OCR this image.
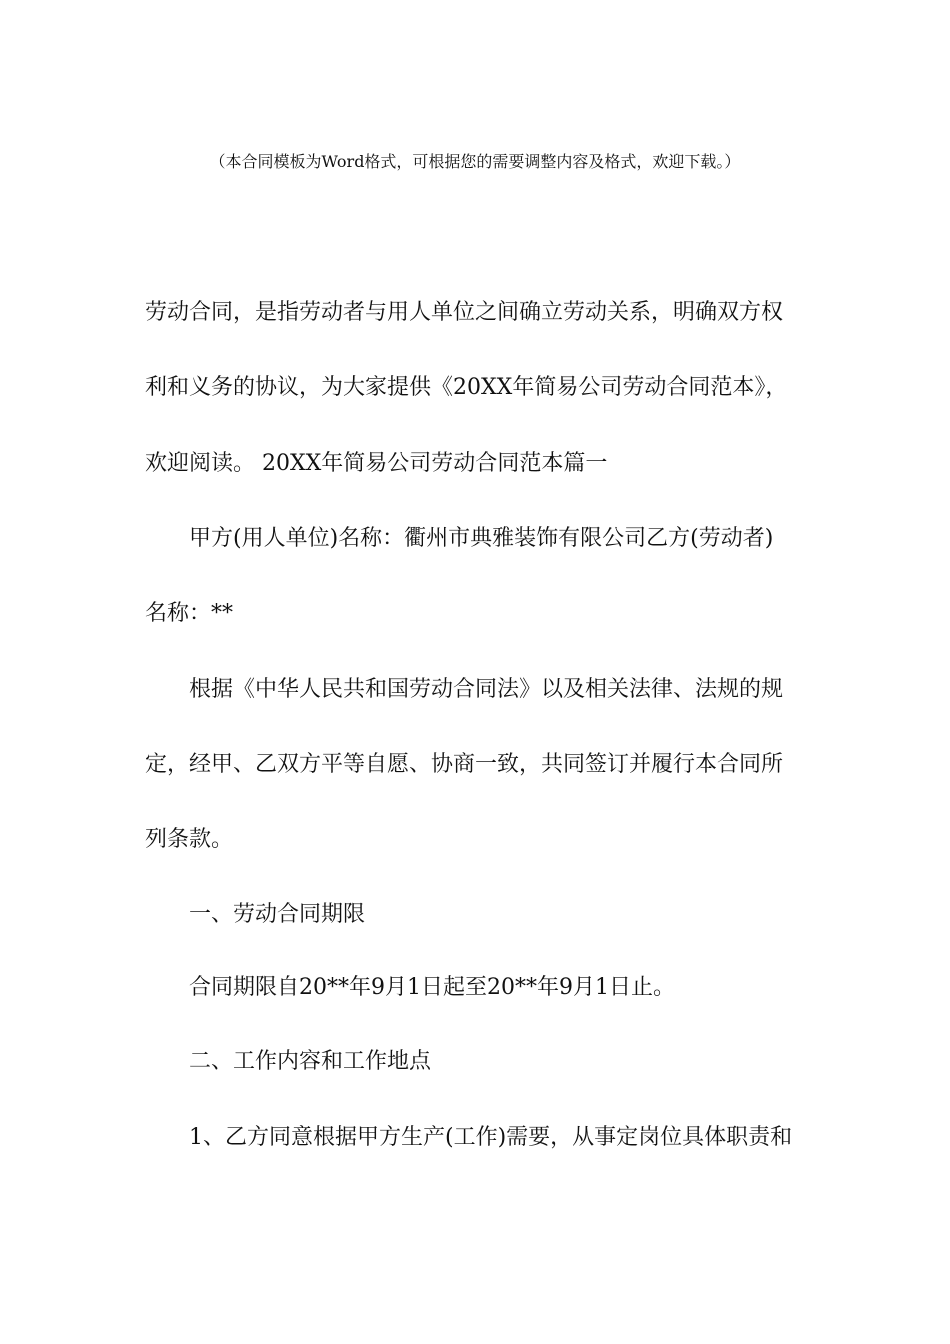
（本合同模板为Word格式，可根据您的需要调整内容及格式，欢迎下载。）
劳动合同，是指劳动者与用人单位之间确立劳动关系，明确双方权
利和义务的协议，为大家提供《20XX年简易公司劳动合同范本》，
欢迎阅读。 20XX年简易公司劳动合同范本篇一
甲方(用人单位)名称：衢州市典雅装饰有限公司乙方(劳动者)
名称：**
根据《中华人民共和国劳动合同法》以及相关法律、法规的规
定，经甲、乙双方平等自愿、协商一致，共同签订并履行本合同所
列条款。
一、劳动合同期限
合同期限自20**年9月1日起至20**年9月1日止。
二、工作内容和工作地点
1、乙方同意根据甲方生产(工作)需要，从事定岗位具体职责和
